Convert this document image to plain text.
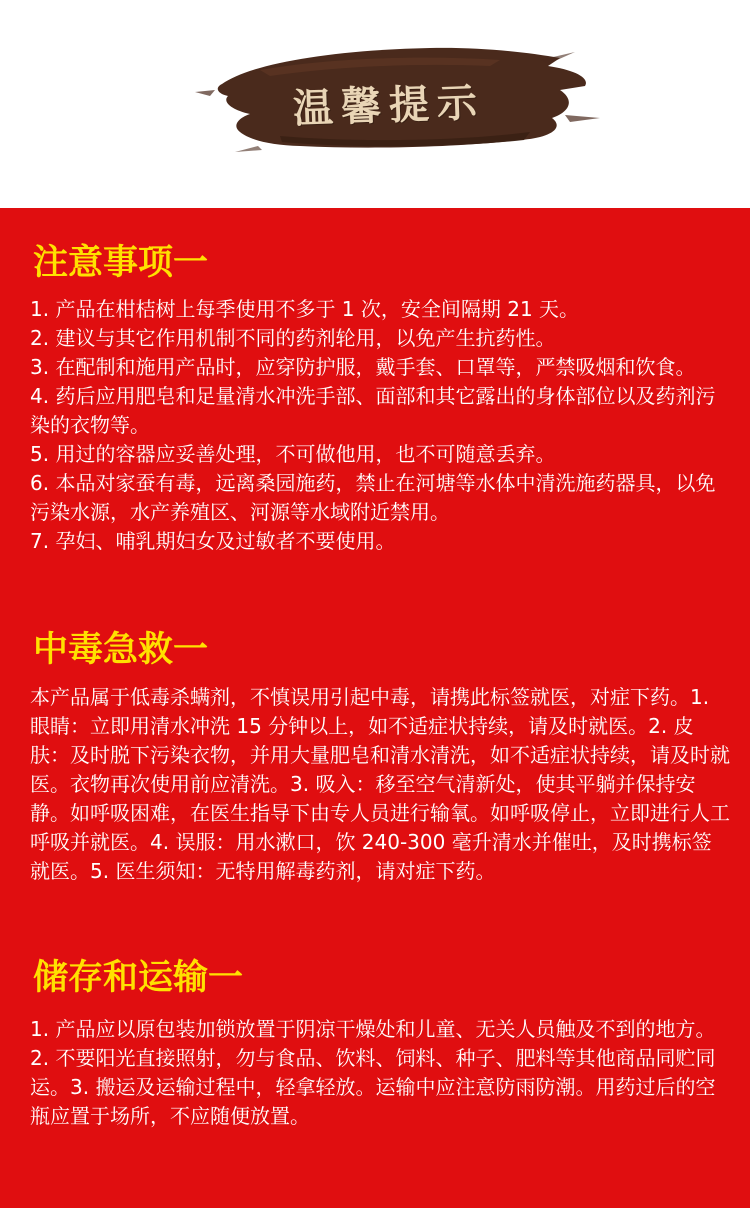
温馨提示
注意事项一

1. 产品在柑桔树上每季使用不多于 1 次，安全间隔期 21 天。

2. 建议与其它作用机制不同的药剂轮用，以免产生抗药性。

3. 在配制和施用产品时，应穿防护服，戴手套、口罩等，严禁吸烟和饮食。

4. 药后应用肥皂和足量清水冲洗手部、面部和其它露出的身体部位以及药剂污染的衣物等。

5. 用过的容器应妥善处理，不可做他用，也不可随意丢弃。

6. 本品对家蚕有毒，远离桑园施药，禁止在河塘等水体中清洗施药器具，以免污染水源，水产养殖区、河源等水域附近禁用。

7. 孕妇、哺乳期妇女及过敏者不要使用。

中毒急救一
本产品属于低毒杀螨剂，不慎误用引起中毒，请携此标签就医，对症下药。1. 眼睛：立即用清水冲洗 15 分钟以上，如不适症状持续，请及时就医。2. 皮肤：及时脱下污染衣物，并用大量肥皂和清水清洗，如不适症状持续，请及时就医。衣物再次使用前应清洗。3. 吸入：移至空气清新处，使其平躺并保持安静。如呼吸困难，在医生指导下由专人员进行输氧。如呼吸停止，立即进行人工呼吸并就医。4. 误服：用水漱口，饮 240-300 毫升清水并催吐，及时携标签就医。5. 医生须知：无特用解毒药剂，请对症下药。
储存和运输一
1. 产品应以原包装加锁放置于阴凉干燥处和儿童、无关人员触及不到的地方。2. 不要阳光直接照射，勿与食品、饮料、饲料、种子、肥料等其他商品同贮同运。3. 搬运及运输过程中，轻拿轻放。运输中应注意防雨防潮。用药过后的空瓶应置于场所，不应随便放置。
